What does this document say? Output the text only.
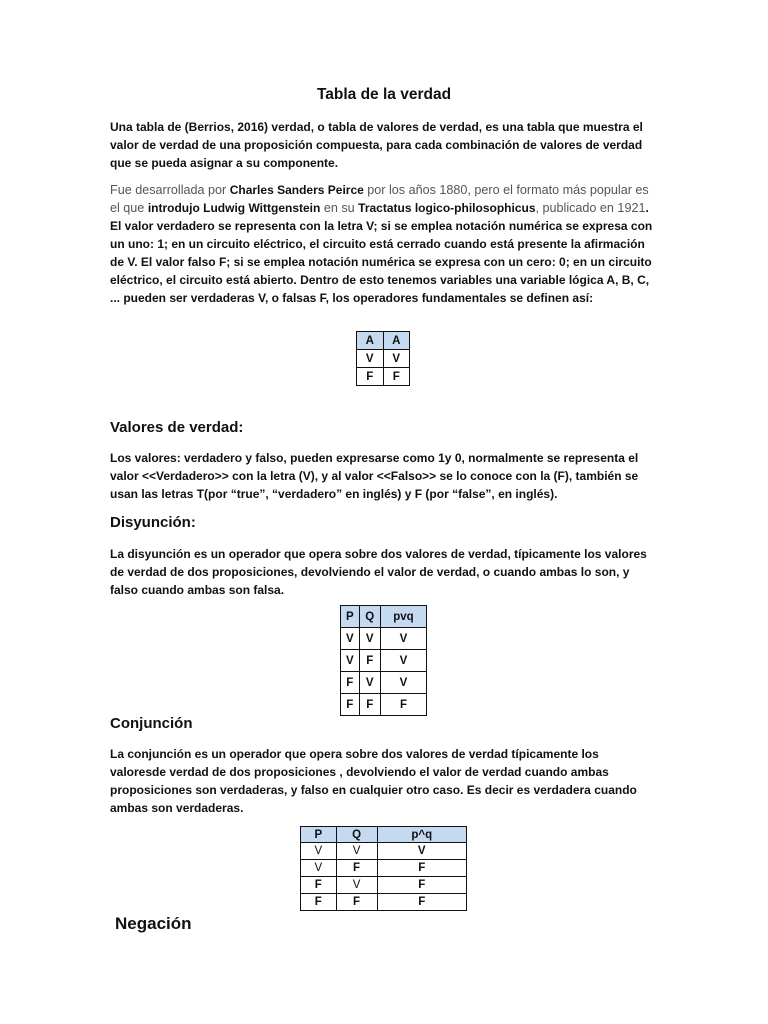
Tabla de la verdad

Una tabla de (Berrios, 2016) verdad, o tabla de valores de verdad, es una tabla que muestra el valor de verdad de una proposición compuesta, para cada combinación de valores de verdad que se pueda asignar a su componente.

Fue desarrollada por Charles Sanders Peirce por los años 1880, pero el formato más popular es el que introdujo Ludwig Wittgenstein en su Tractatus logico-philosophicus, publicado en 1921. El valor verdadero se representa con la letra V; si se emplea notación numérica se expresa con un uno: 1; en un circuito eléctrico, el circuito está cerrado cuando está presente la afirmación de V. El valor falso F; si se emplea notación numérica se expresa con un cero: 0; en un circuito eléctrico, el circuito está abierto. Dentro de esto tenemos variables una variable lógica A, B, C, ... pueden ser verdaderas V, o falsas F, los operadores fundamentales se definen así:

A	A
V	V
F	F
Valores de verdad:

Los valores: verdadero y falso, pueden expresarse como 1y 0, normalmente se representa el valor <<Verdadero>> con la letra (V), y al valor <<Falso>> se lo conoce con la (F), también se usan las letras T(por “true”, “verdadero” en inglés) y F (por “false”, en inglés).

Disyunción:

La disyunción es un operador que opera sobre dos valores de verdad, típicamente los valores de verdad de dos proposiciones, devolviendo el valor de verdad, o cuando ambas lo son, y falso cuando ambas son falsa.

P	Q	pvq
V	V	V
V	F	V
F	V	V
F	F	F
Conjunción

La conjunción es un operador que opera sobre dos valores de verdad típicamente los valoresde verdad de dos proposiciones , devolviendo el valor de verdad cuando ambas proposiciones son verdaderas, y falso en cualquier otro caso. Es decir es verdadera cuando ambas son verdaderas.

P	Q	p^q
V	V	V
V	F	F
F	V	F
F	F	F
Negación
